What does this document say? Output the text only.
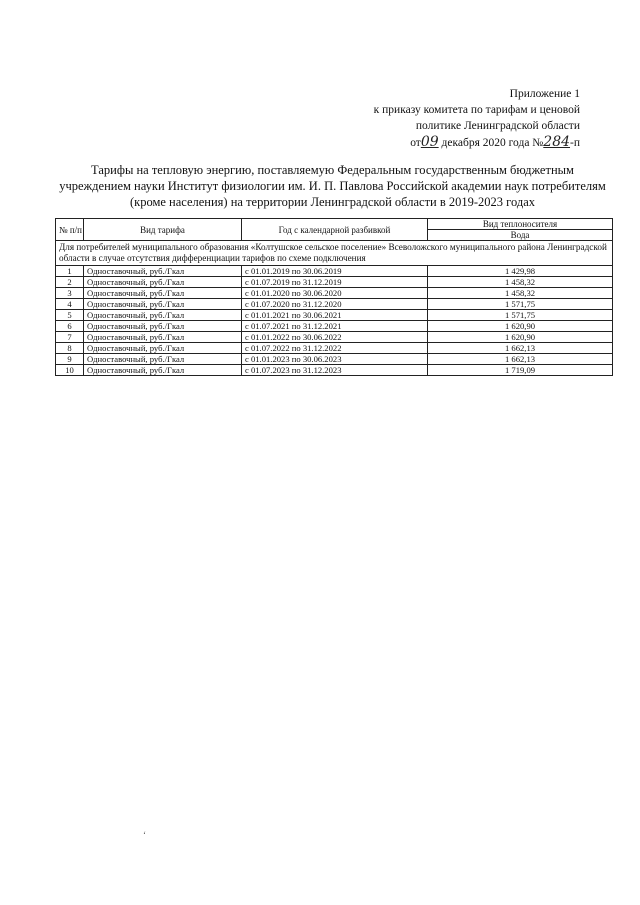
Приложение 1
к приказу комитета по тарифам и ценовой
политике Ленинградской области
от09 декабря 2020 года №284-п
Тарифы на тепловую энергию, поставляемую Федеральным государственным бюджетным
учреждением науки Институт физиологии им. И. П. Павлова Российской академии наук потребителям
(кроме населения) на территории Ленинградской области в 2019-2023 годах
№ п/п	Вид тарифа	Год с календарной разбивкой	Вид теплоносителя
			Вода
Для потребителей муниципального образования «Колтушское сельское поселение» Всеволожского муниципального района Ленинградской области в случае отсутствия дифференциации тарифов по схеме подключения			
1	Одноставочный, руб./Гкал	с 01.01.2019 по 30.06.2019	1 429,98
2	Одноставочный, руб./Гкал	с 01.07.2019 по 31.12.2019	1 458,32
3	Одноставочный, руб./Гкал	с 01.01.2020 по 30.06.2020	1 458,32
4	Одноставочный, руб./Гкал	с 01.07.2020 по 31.12.2020	1 571,75
5	Одноставочный, руб./Гкал	с 01.01.2021 по 30.06.2021	1 571,75
6	Одноставочный, руб./Гкал	с 01.07.2021 по 31.12.2021	1 620,90
7	Одноставочный, руб./Гкал	с 01.01.2022 по 30.06.2022	1 620,90
8	Одноставочный, руб./Гкал	с 01.07.2022 по 31.12.2022	1 662,13
9	Одноставочный, руб./Гкал	с 01.01.2023 по 30.06.2023	1 662,13
10	Одноставочный, руб./Гкал	с 01.07.2023 по 31.12.2023	1 719,09
ʻ
